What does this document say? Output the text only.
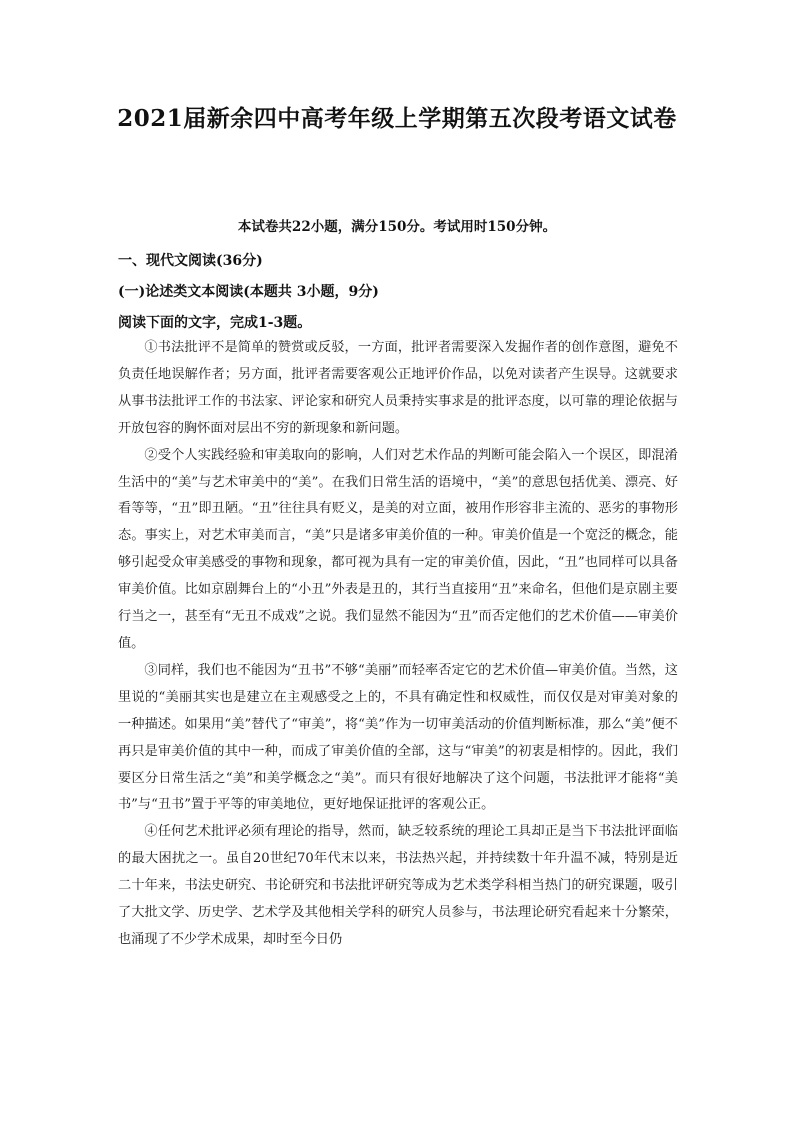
2021届新余四中高考年级上学期第五次段考语文试卷
本试卷共22小题，满分150分。考试用时150分钟。
一、现代文阅读(36分)
(一)论述类文本阅读(本题共 3小题，9分)
阅读下面的文字，完成1-3题。

①书法批评不是简单的赞赏或反驳，一方面，批评者需要深入发掘作者的创作意图，避免不负责任地误解作者；另方面，批评者需要客观公正地评价作品，以免对读者产生误导。这就要求从事书法批评工作的书法家、评论家和研究人员秉持实事求是的批评态度，以可靠的理论依据与开放包容的胸怀面对层出不穷的新现象和新问题。

②受个人实践经验和审美取向的影响，人们对艺术作品的判断可能会陷入一个误区，即混淆生活中的“美”与艺术审美中的“美”。在我们日常生活的语境中，“美”的意思包括优美、漂亮、好看等等，“丑”即丑陋。“丑”往往具有贬义，是美的对立面，被用作形容非主流的、恶劣的事物形态。事实上，对艺术审美而言，“美”只是诸多审美价值的一种。审美价值是一个宽泛的概念，能够引起受众审美感受的事物和现象，都可视为具有一定的审美价值，因此，“丑”也同样可以具备审美价值。比如京剧舞台上的“小丑”外表是丑的，其行当直接用“丑”来命名，但他们是京剧主要行当之一，甚至有“无丑不成戏”之说。我们显然不能因为“丑”而否定他们的艺术价值——审美价值。

③同样，我们也不能因为“丑书”不够“美丽”而轻率否定它的艺术价值—审美价值。当然，这里说的“美丽其实也是建立在主观感受之上的，不具有确定性和权威性，而仅仅是对审美对象的一种描述。如果用“美”替代了“审美”，将“美”作为一切审美活动的价值判断标准，那么“美”便不再只是审美价值的其中一种，而成了审美价值的全部，这与“审美”的初衷是相悖的。因此，我们要区分日常生活之“美”和美学概念之“美”。而只有很好地解决了这个问题，书法批评才能将“美书”与“丑书”置于平等的审美地位，更好地保证批评的客观公正。

④任何艺术批评必须有理论的指导，然而，缺乏较系统的理论工具却正是当下书法批评面临的最大困扰之一。虽自20世纪70年代末以来，书法热兴起，并持续数十年升温不减，特别是近二十年来，书法史研究、书论研究和书法批评研究等成为艺术类学科相当热门的研究课题，吸引了大批文学、历史学、艺术学及其他相关学科的研究人员参与，书法理论研究看起来十分繁荣，也涌现了不少学术成果，却时至今日仍
